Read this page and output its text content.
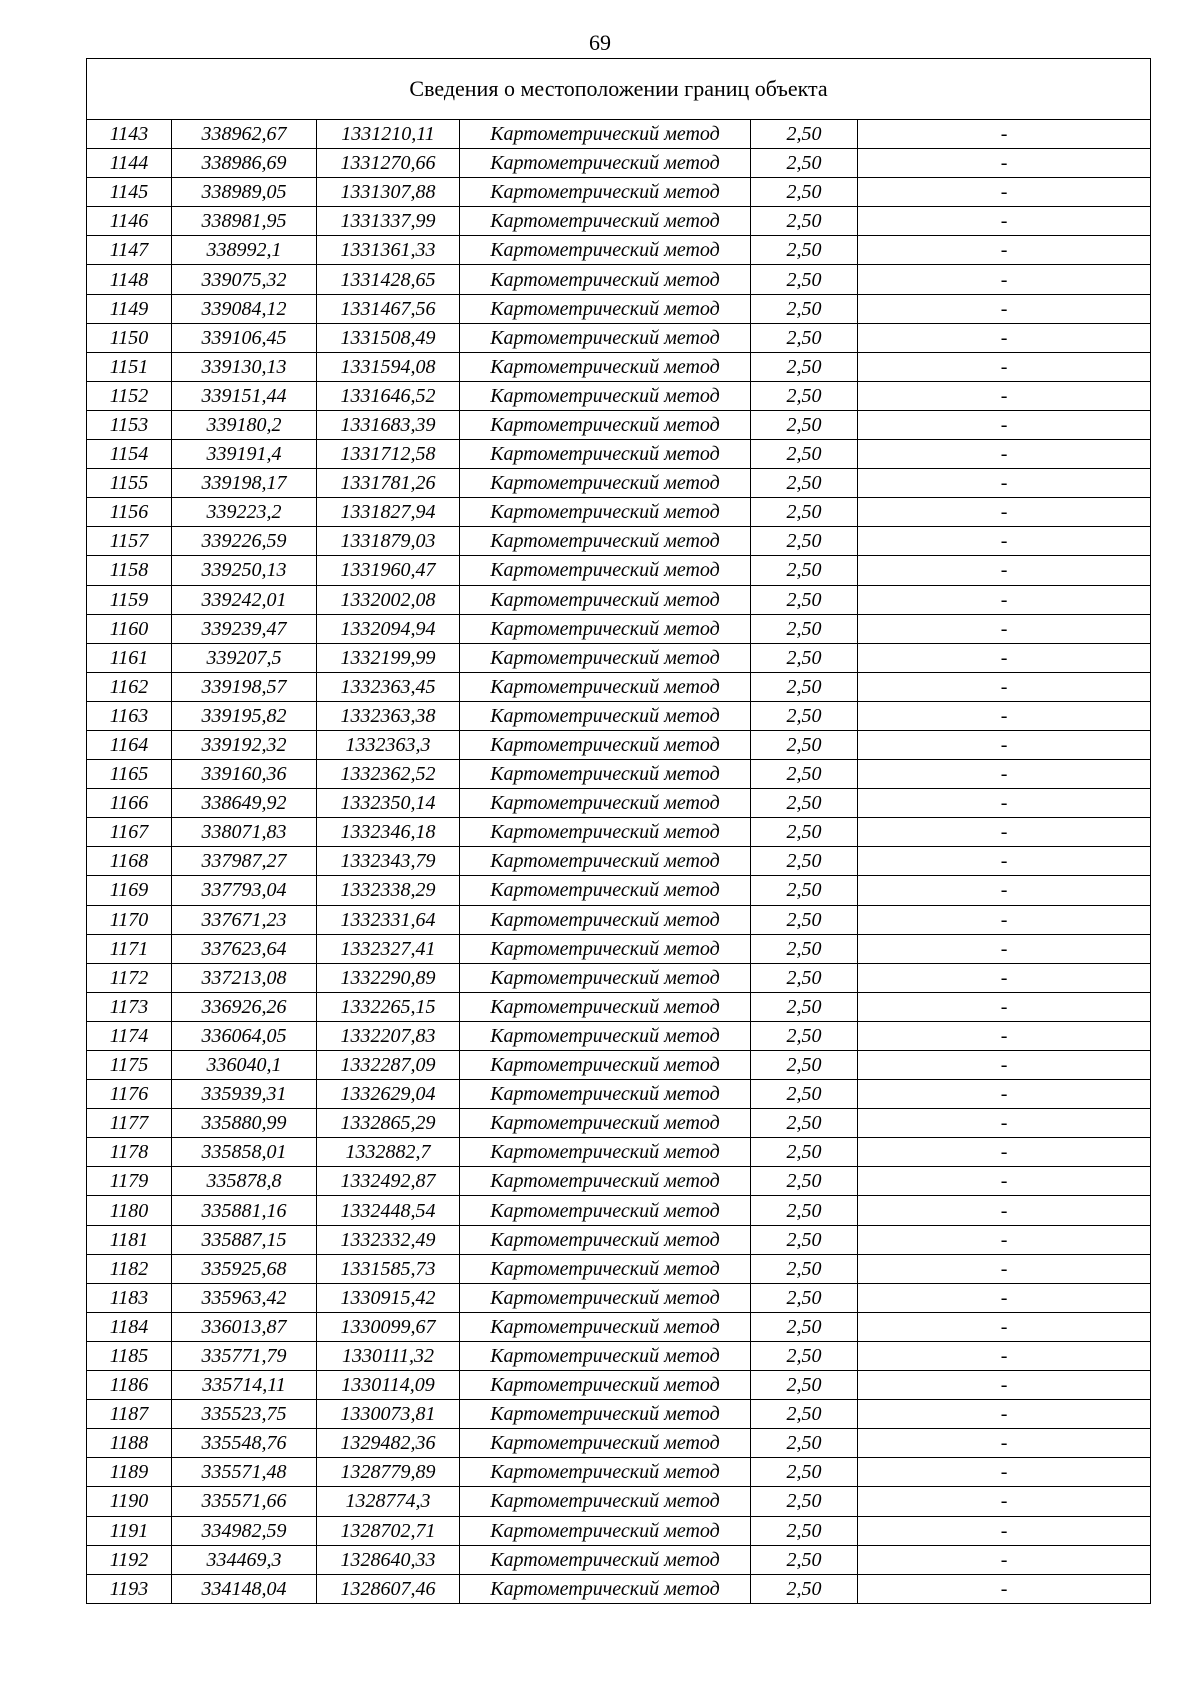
69
Сведения о местоположении границ объекта					
1143	338962,67	1331210,11	Картометрический метод	2,50	-
1144	338986,69	1331270,66	Картометрический метод	2,50	-
1145	338989,05	1331307,88	Картометрический метод	2,50	-
1146	338981,95	1331337,99	Картометрический метод	2,50	-
1147	338992,1	1331361,33	Картометрический метод	2,50	-
1148	339075,32	1331428,65	Картометрический метод	2,50	-
1149	339084,12	1331467,56	Картометрический метод	2,50	-
1150	339106,45	1331508,49	Картометрический метод	2,50	-
1151	339130,13	1331594,08	Картометрический метод	2,50	-
1152	339151,44	1331646,52	Картометрический метод	2,50	-
1153	339180,2	1331683,39	Картометрический метод	2,50	-
1154	339191,4	1331712,58	Картометрический метод	2,50	-
1155	339198,17	1331781,26	Картометрический метод	2,50	-
1156	339223,2	1331827,94	Картометрический метод	2,50	-
1157	339226,59	1331879,03	Картометрический метод	2,50	-
1158	339250,13	1331960,47	Картометрический метод	2,50	-
1159	339242,01	1332002,08	Картометрический метод	2,50	-
1160	339239,47	1332094,94	Картометрический метод	2,50	-
1161	339207,5	1332199,99	Картометрический метод	2,50	-
1162	339198,57	1332363,45	Картометрический метод	2,50	-
1163	339195,82	1332363,38	Картометрический метод	2,50	-
1164	339192,32	1332363,3	Картометрический метод	2,50	-
1165	339160,36	1332362,52	Картометрический метод	2,50	-
1166	338649,92	1332350,14	Картометрический метод	2,50	-
1167	338071,83	1332346,18	Картометрический метод	2,50	-
1168	337987,27	1332343,79	Картометрический метод	2,50	-
1169	337793,04	1332338,29	Картометрический метод	2,50	-
1170	337671,23	1332331,64	Картометрический метод	2,50	-
1171	337623,64	1332327,41	Картометрический метод	2,50	-
1172	337213,08	1332290,89	Картометрический метод	2,50	-
1173	336926,26	1332265,15	Картометрический метод	2,50	-
1174	336064,05	1332207,83	Картометрический метод	2,50	-
1175	336040,1	1332287,09	Картометрический метод	2,50	-
1176	335939,31	1332629,04	Картометрический метод	2,50	-
1177	335880,99	1332865,29	Картометрический метод	2,50	-
1178	335858,01	1332882,7	Картометрический метод	2,50	-
1179	335878,8	1332492,87	Картометрический метод	2,50	-
1180	335881,16	1332448,54	Картометрический метод	2,50	-
1181	335887,15	1332332,49	Картометрический метод	2,50	-
1182	335925,68	1331585,73	Картометрический метод	2,50	-
1183	335963,42	1330915,42	Картометрический метод	2,50	-
1184	336013,87	1330099,67	Картометрический метод	2,50	-
1185	335771,79	1330111,32	Картометрический метод	2,50	-
1186	335714,11	1330114,09	Картометрический метод	2,50	-
1187	335523,75	1330073,81	Картометрический метод	2,50	-
1188	335548,76	1329482,36	Картометрический метод	2,50	-
1189	335571,48	1328779,89	Картометрический метод	2,50	-
1190	335571,66	1328774,3	Картометрический метод	2,50	-
1191	334982,59	1328702,71	Картометрический метод	2,50	-
1192	334469,3	1328640,33	Картометрический метод	2,50	-
1193	334148,04	1328607,46	Картометрический метод	2,50	-
